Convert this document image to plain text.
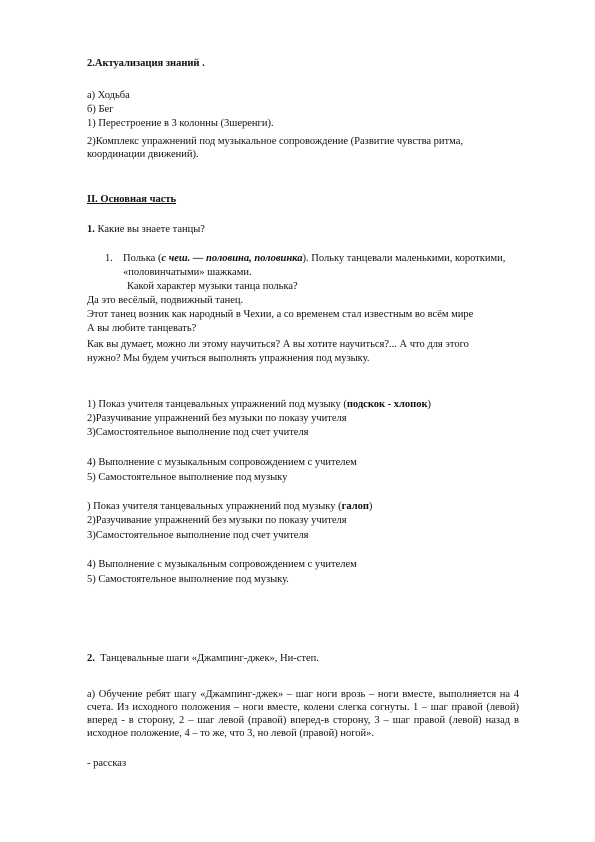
2.Актуализация знаний .
а) Ходьба
б) Бег
1) Перестроение в 3 колонны (3шеренги).
2)Комплекс упражнений под музыкальное сопровождение (Развитие чувства ритма,
координации движений).
II. Основная часть
1. Какие вы знаете танцы?
1. Полька (с чеш. — половина, половинка). Польку танцевали маленькими, короткими,
«половинчатыми» шажками.
Какой характер музыки танца полька?
Да это весёлый, подвижный танец.
Этот танец возник как народный в Чехии, а со временем стал известным во всём мире
А вы любите танцевать?
Как вы думает, можно ли этому научиться? А вы хотите научиться?... А что для этого
нужно? Мы будем учиться выполнять упражнения под музыку.
1) Показ учителя танцевальных упражнений под музыку (подскок - хлопок)
2)Разучивание упражнений без музыки по показу учителя
3)Самостоятельное выполнение под счет учителя
4) Выполнение с музыкальным сопровождением с учителем
5) Самостоятельное выполнение под музыку
) Показ учителя танцевальных упражнений под музыку (галоп)
2)Разучивание упражнений без музыки по показу учителя
3)Самостоятельное выполнение под счет учителя
4) Выполнение с музыкальным сопровождением с учителем
5) Самостоятельное выполнение под музыку.
2. Танцевальные шаги «Джампинг-джек», Ни-степ.
а) Обучение ребят шагу «Джампинг-джек» – шаг ноги врозь – ноги вместе, выполняется на 4 счета. Из исходного положения – ноги вместе, колени слегка согнуты. 1 – шаг правой (левой) вперед - в сторону, 2 – шаг левой (правой) вперед-в сторону, 3 – шаг правой (левой) назад в исходное положение, 4 – то же, что 3, но левой (правой) ногой».
- рассказ
